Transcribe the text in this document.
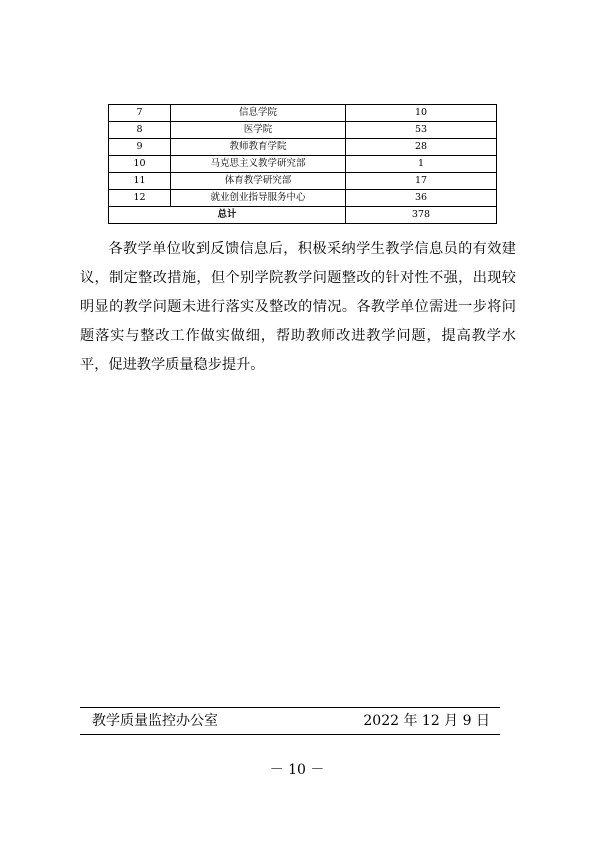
7	信息学院	10
8	医学院	53
9	教师教育学院	28
10	马克思主义教学研究部	1
11	体育教学研究部	17
12	就业创业指导服务中心	36
总计		378

各教学单位收到反馈信息后，积极采纳学生教学信息员的有效建议，制定整改措施，但个别学院教学问题整改的针对性不强，出现较明显的教学问题未进行落实及整改的情况。各教学单位需进一步将问题落实与整改工作做实做细，帮助教师改进教学问题，提高教学水平，促进教学质量稳步提升。

教学质量监控办公室	2022 年 12 月 9 日
－ 10 －
